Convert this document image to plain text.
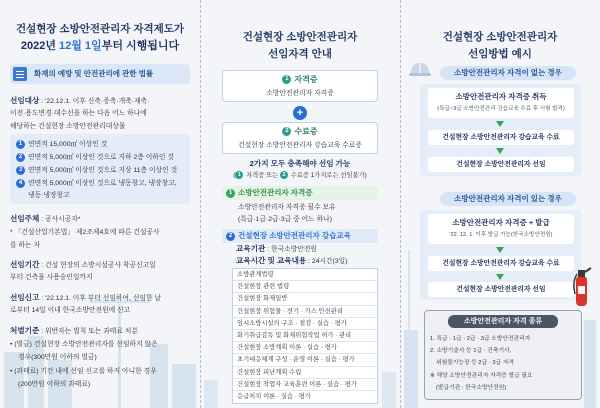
건설현장 소방안전관리자 자격제도가
2022년 12월 1일부터 시행됩니다
화재의 예방 및 안전관리에 관한 법률
선임대상 : '22.12.1. 이후 신축·증축·개축·재축·
이전·용도변경·대수선을 하는 다음 어느 하나에
해당하는 건설현장 소방안전관리대상물
1 연면적 15,000㎡ 이상인 것
2 연면적 5,000㎡ 이상인 것으로 지하 2층 이하인 것
3 연면적 5,000㎡ 이상인 것으로 지상 11층 이상인 것
4 연면적 5,000㎡ 이상인 것으로 냉동창고, 냉장창고,
냉동·냉장창고
선임주체 : 공사시공자*
* 「건설산업기본법」 제2조제4호에 따른 건설공사
를 하는 자
선임기간 : 건설 현장의 소방시설공사 착공신고일
부터 건축물 사용승인일까지
선임신고 : '22.12.1. 이후 부터 선임하여, 선임한 날
로부터 14일 이내 한국소방안전원에 신고
처벌기준 : 위반자는 벌칙 또는 과태료 처분
• (벌금) 건설현장 소방안전관리자를 선임하지 않은
경우(300만원 이하의 벌금)
• (과태료) 기간 내에 선임 신고를 하지 아니한 경우
(200만원 이하의 과태료)
건설현장 소방안전관리자
선임자격 안내
1 자격증
소방안전관리자 자격증
+
2 수료증
건설현장 소방안전관리자 강습교육 수료증
2가지 모두 충족해야 선임 가능
( 1 자격증 또는 2 수료증 1가지로는 선임불가)
1 소방안전관리자 자격증
소방안전관리자 자격증 필수 보유
(특급·1급·2급·3급 중 어느 하나)
2 건설현장 소방안전관리자 강습교육
교육기관 : 한국소방안전원
교육시간 및 교육내용 : 24시간(3일)
소방관계법령
건설현장 관련 법령
건설현장 화재일반
건설현장 위험물 · 전기 · 가스 안전관리
임시소방시설의 구조 · 점검 · 실습 · 평가
화기취급감독 및 화재위험작업 허가 · 관리
건설현장 소방계획 이론 · 실습 · 평가
초기대응체계 구성 · 운영 이론 · 실습 · 평가
건설현장 피난계획 수립
건설현장 작업자 교육훈련 이론 · 실습 · 평가
응급처치 이론 · 실습 · 평가
건설현장 소방안전관리자
선임방법 예시
소방안전관리자 자격이 없는 경우
소방안전관리자 자격증 취득
(특급~3급 소방안전관리 강습교육 수료 후 시험 합격)
건설현장 소방안전관리자 강습교육 수료
건설현장 소방안전관리자 선임
소방안전관리자 자격이 있는 경우
소방안전관리자 자격증 + 발급
'22. 12. 1. 이후 발급 가능(한국소방안전원)
건설현장 소방안전관리자 강습교육 수료
건설현장 소방안전관리자 선임
소방안전관리자 자격 종류
1. 특급 · 1급 · 2급 · 3급 소방안전관리자
2. 소방기술사 등 1급 · 건축기사,
위험물기능장 등 2급 · 3급 자격
※ 해당 소방안전관리자 자격증 발급 필요
(발급기관 : 한국소방안전원)
